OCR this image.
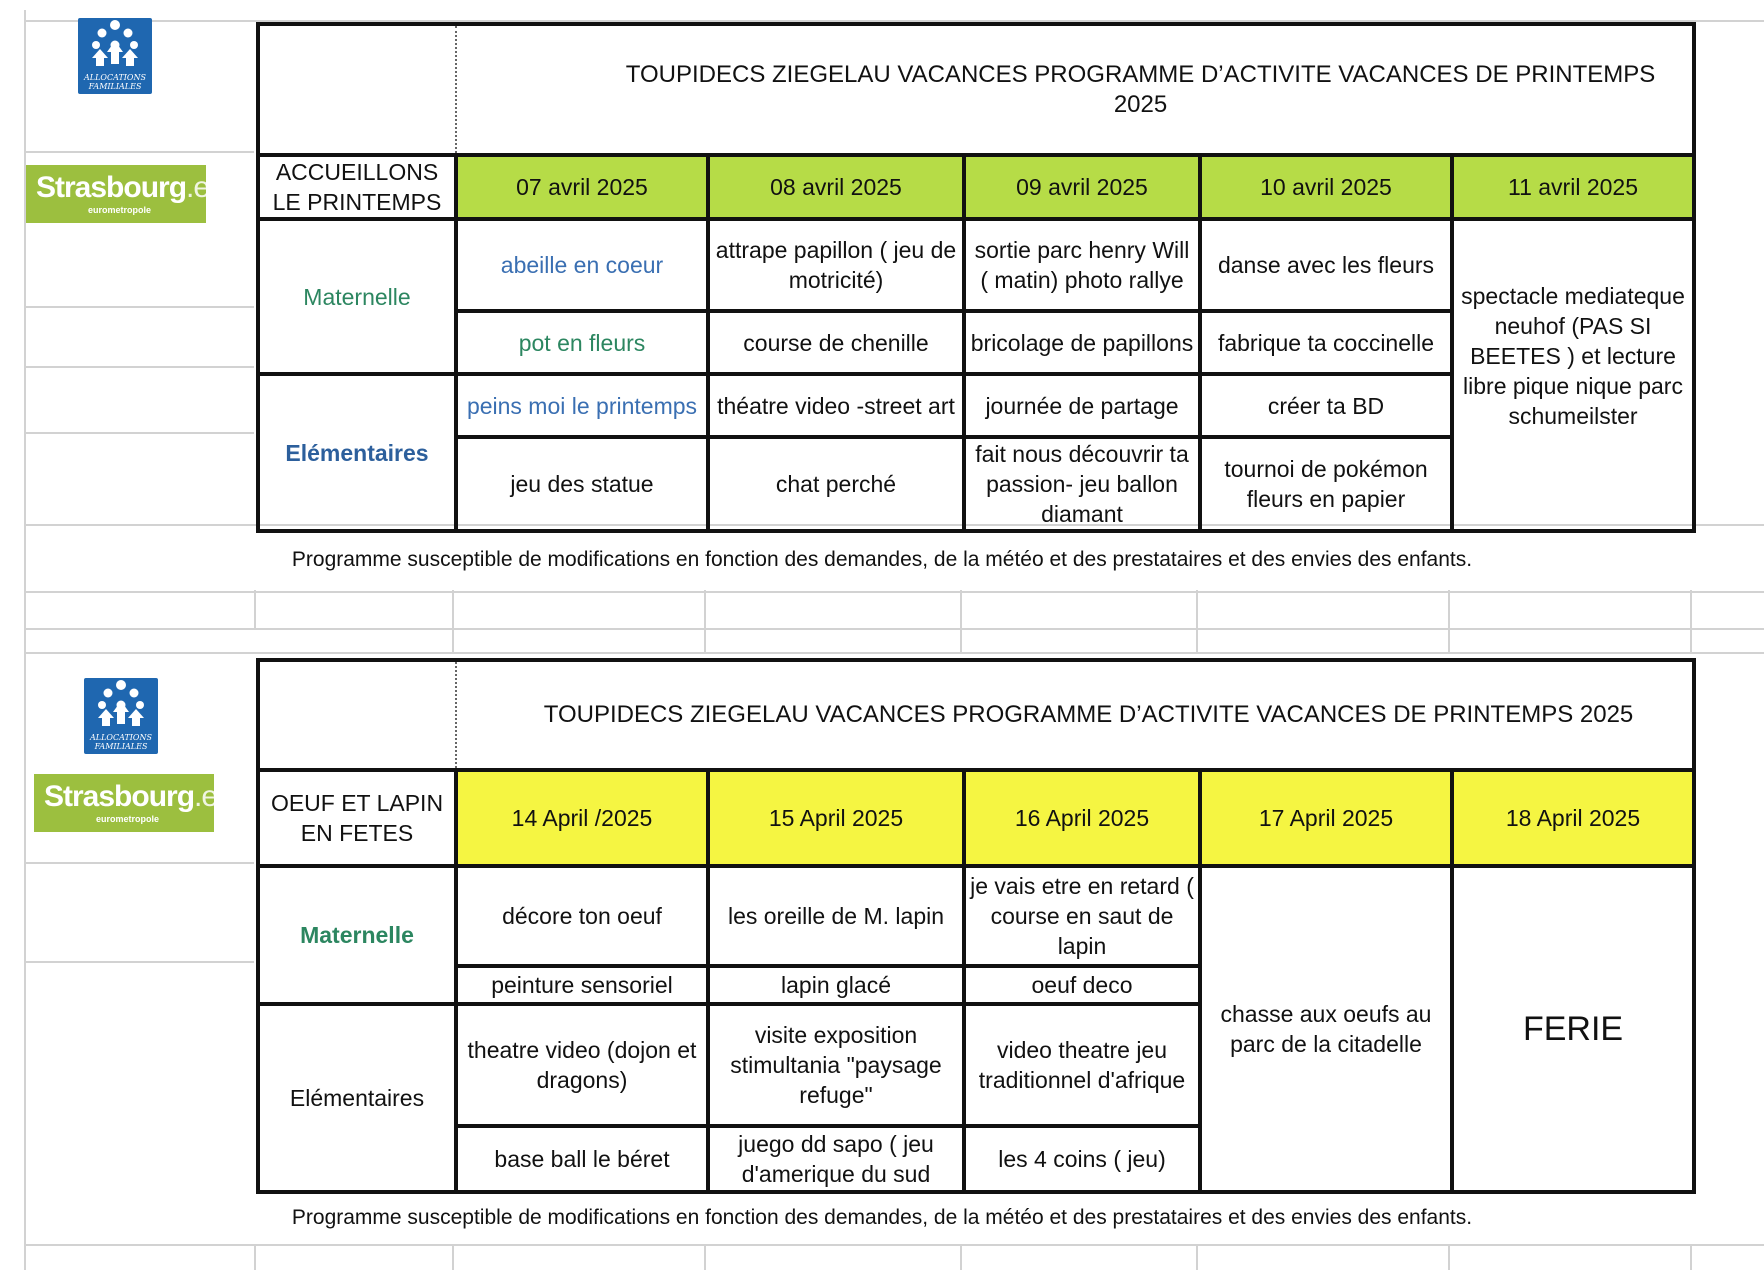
ALLOCATIONS FAMILIALES
Strasbourg.eu
eurometropole
	TOUPIDECS ZIEGELAU VACANCES PROGRAMME D’ACTIVITE VACANCES DE PRINTEMPS 2025				
ACCUEILLONS LE PRINTEMPS	07 avril 2025	08 avril 2025	09 avril 2025	10 avril 2025	11 avril 2025
Maternelle	abeille en coeur	attrape papillon ( jeu de motricité)	sortie parc henry Will ( matin) photo rallye	danse avec les fleurs	spectacle mediateque neuhof (PAS SI BEETES ) et lecture libre pique nique parc schumeilster
	pot en fleurs	course de chenille	bricolage de papillons	fabrique ta coccinelle	
Elémentaires	peins moi le printemps	théatre video -street art	journée de partage	créer ta BD	
	jeu des statue	chat perché	fait nous découvrir ta passion- jeu ballon diamant	tournoi de pokémon fleurs en papier	
Programme susceptible de modifications en fonction des demandes, de la météo et des prestataires et des envies des enfants.
ALLOCATIONS FAMILIALES
Strasbourg.eu
eurometropole
	TOUPIDECS ZIEGELAU VACANCES PROGRAMME D’ACTIVITE VACANCES DE PRINTEMPS 2025				
OEUF ET LAPIN EN FETES	14 April /2025	15 April 2025	16 April 2025	17 April 2025	18 April 2025
Maternelle	décore ton oeuf	les oreille de M. lapin	je vais etre en retard ( course en saut de lapin	chasse aux oeufs au parc de la citadelle	FERIE
	peinture sensoriel	lapin glacé	oeuf deco		
Elémentaires	theatre video (dojon et dragons)	visite exposition stimultania "paysage refuge"	video theatre jeu traditionnel d'afrique		
	base ball le béret	juego dd sapo ( jeu d'amerique du sud	les 4 coins ( jeu)		
Programme susceptible de modifications en fonction des demandes, de la météo et des prestataires et des envies des enfants.
